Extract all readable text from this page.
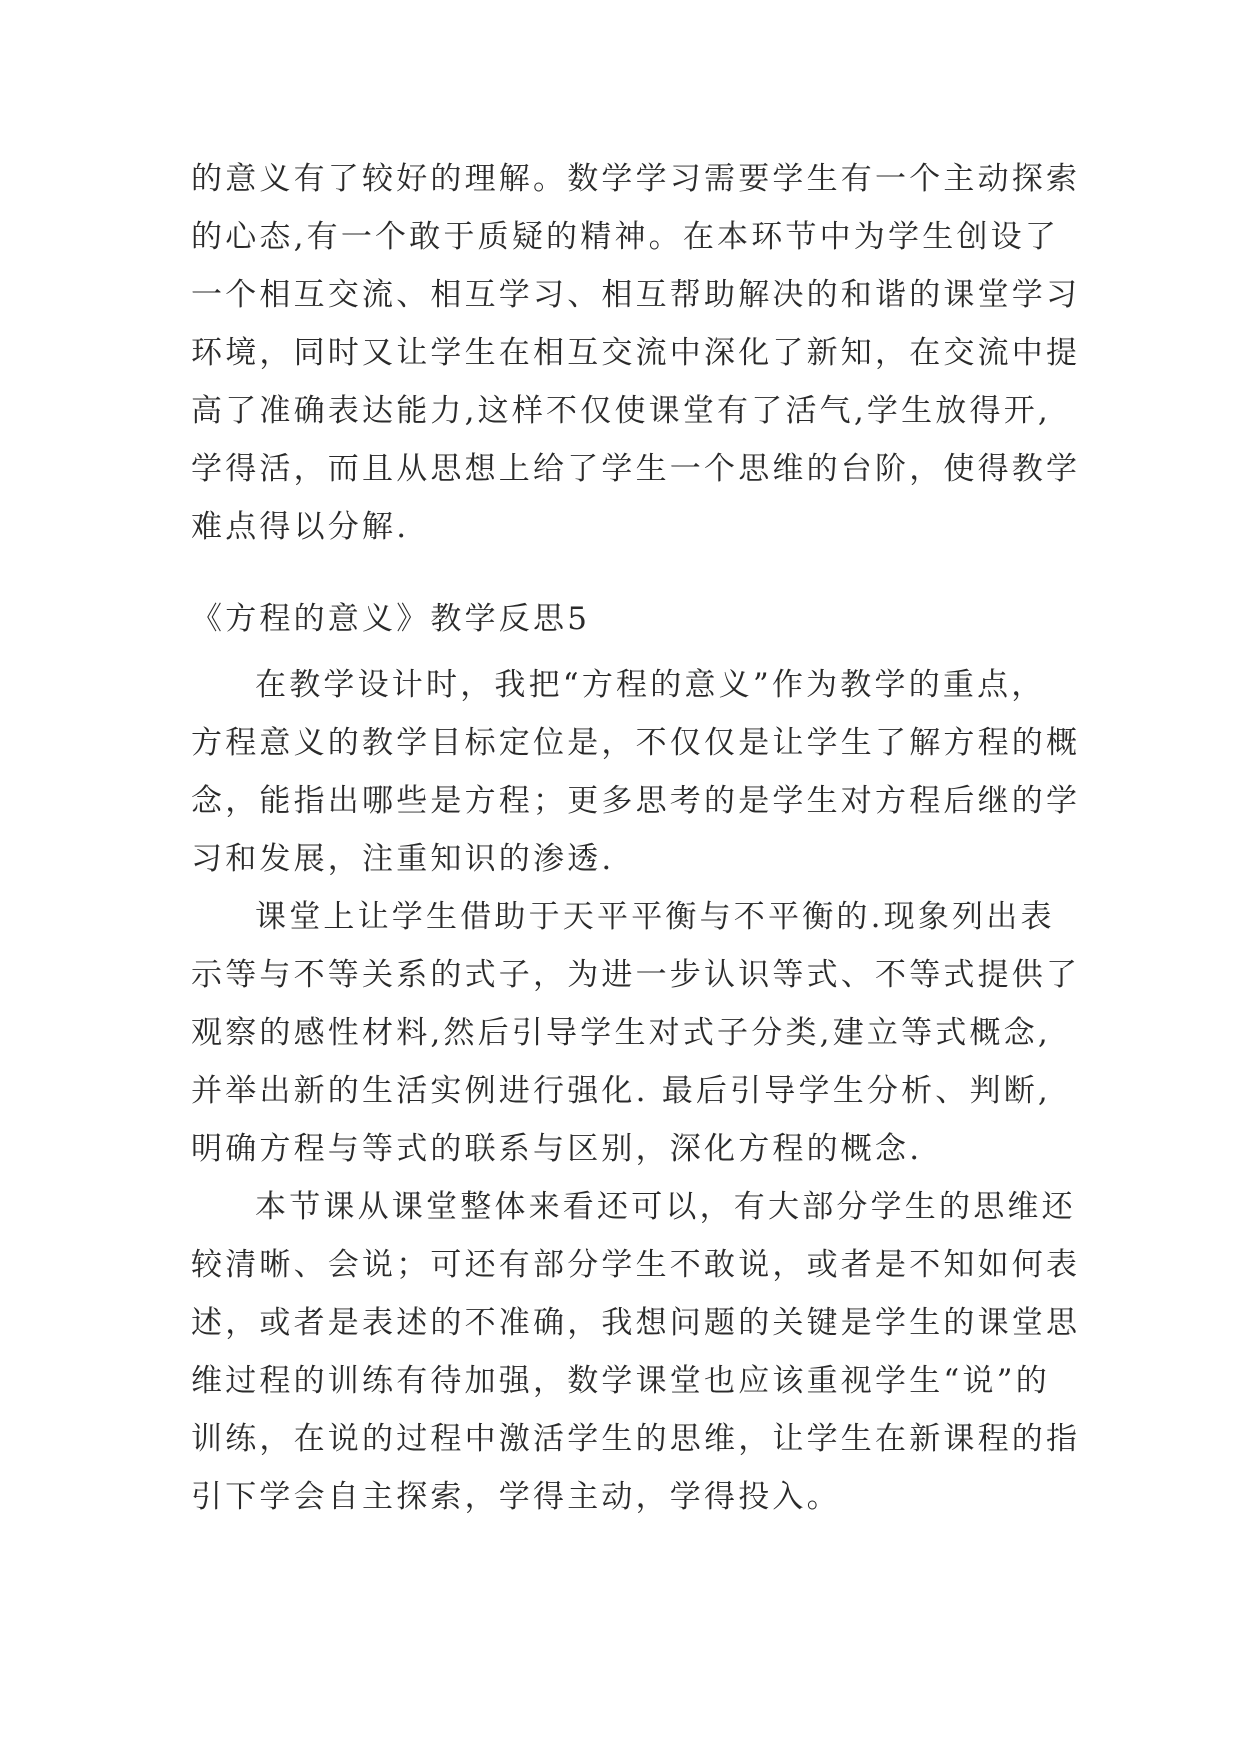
的意义有了较好的理解。数学学习需要学生有一个主动探索
的心态,有一个敢于质疑的精神。在本环节中为学生创设了
一个相互交流、相互学习、相互帮助解决的和谐的课堂学习
环境，同时又让学生在相互交流中深化了新知，在交流中提
高了准确表达能力,这样不仅使课堂有了活气,学生放得开,
学得活，而且从思想上给了学生一个思维的台阶，使得教学
难点得以分解.
《方程的意义》教学反思5
在教学设计时，我把“方程的意义”作为教学的重点，
方程意义的教学目标定位是，不仅仅是让学生了解方程的概
念，能指出哪些是方程；更多思考的是学生对方程后继的学
习和发展，注重知识的渗透.
课堂上让学生借助于天平平衡与不平衡的.现象列出表
示等与不等关系的式子，为进一步认识等式、不等式提供了
观察的感性材料,然后引导学生对式子分类,建立等式概念,
并举出新的生活实例进行强化. 最后引导学生分析、判断,
明确方程与等式的联系与区别，深化方程的概念.
本节课从课堂整体来看还可以，有大部分学生的思维还
较清晰、会说；可还有部分学生不敢说，或者是不知如何表
述，或者是表述的不准确，我想问题的关键是学生的课堂思
维过程的训练有待加强，数学课堂也应该重视学生“说”的
训练，在说的过程中激活学生的思维，让学生在新课程的指
引下学会自主探索，学得主动，学得投入。
